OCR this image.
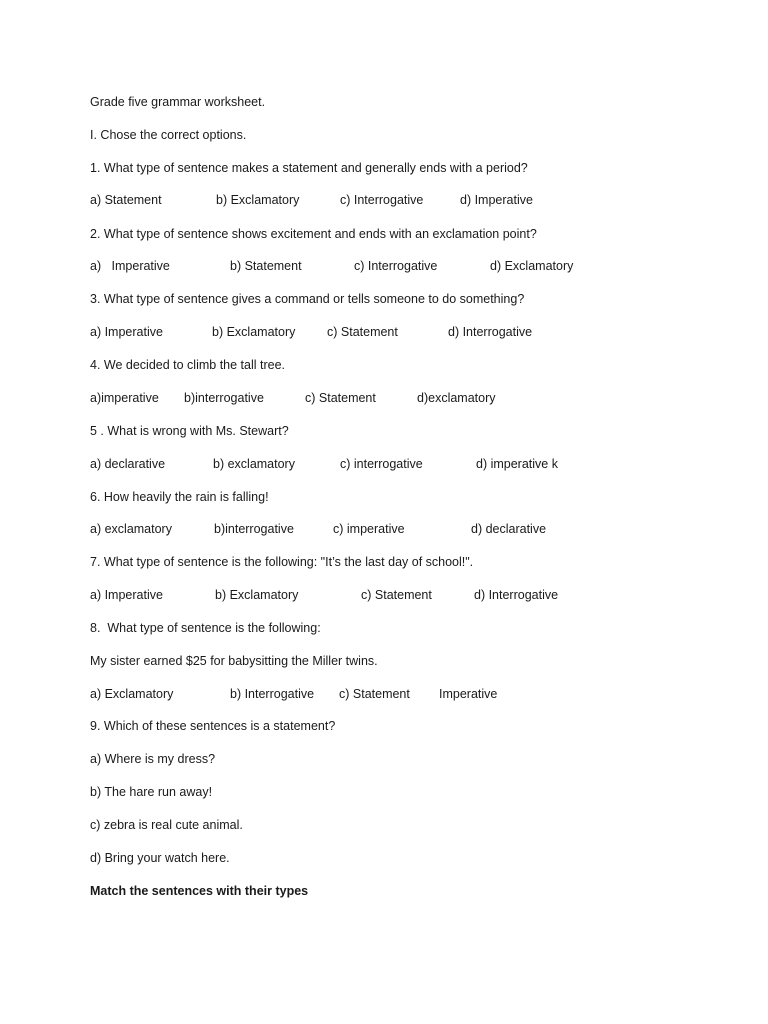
Grade five grammar worksheet.
I. Chose the correct options.
1. What type of sentence makes a statement and generally ends with a period?
a) Statement	b) Exclamatory	c) Interrogative	d) Imperative
2. What type of sentence shows excitement and ends with an exclamation point?
a)   Imperative	b) Statement	c) Interrogative	d) Exclamatory
3. What type of sentence gives a command or tells someone to do something?
a) Imperative	b) Exclamatory	c) Statement	d) Interrogative
4. We decided to climb the tall tree.
a)imperative b)interrogative	c) Statement	d)exclamatory
5 . What is wrong with Ms. Stewart?
a) declarative	b) exclamatory	c) interrogative	d) imperative k
6. How heavily the rain is falling!
a) exclamatory	b)interrogative	c) imperative	d) declarative
7. What type of sentence is the following: "It’s the last day of school!".
a) Imperative	b) Exclamatory	c) Statement	d) Interrogative
8.  What type of sentence is the following:
My sister earned $25 for babysitting the Miller twins.
a) Exclamatory	b) Interrogative c) Statement Imperative
9. Which of these sentences is a statement?
a) Where is my dress?
b) The hare run away!
c) zebra is real cute animal.
d) Bring your watch here.
Match the sentences with their types
